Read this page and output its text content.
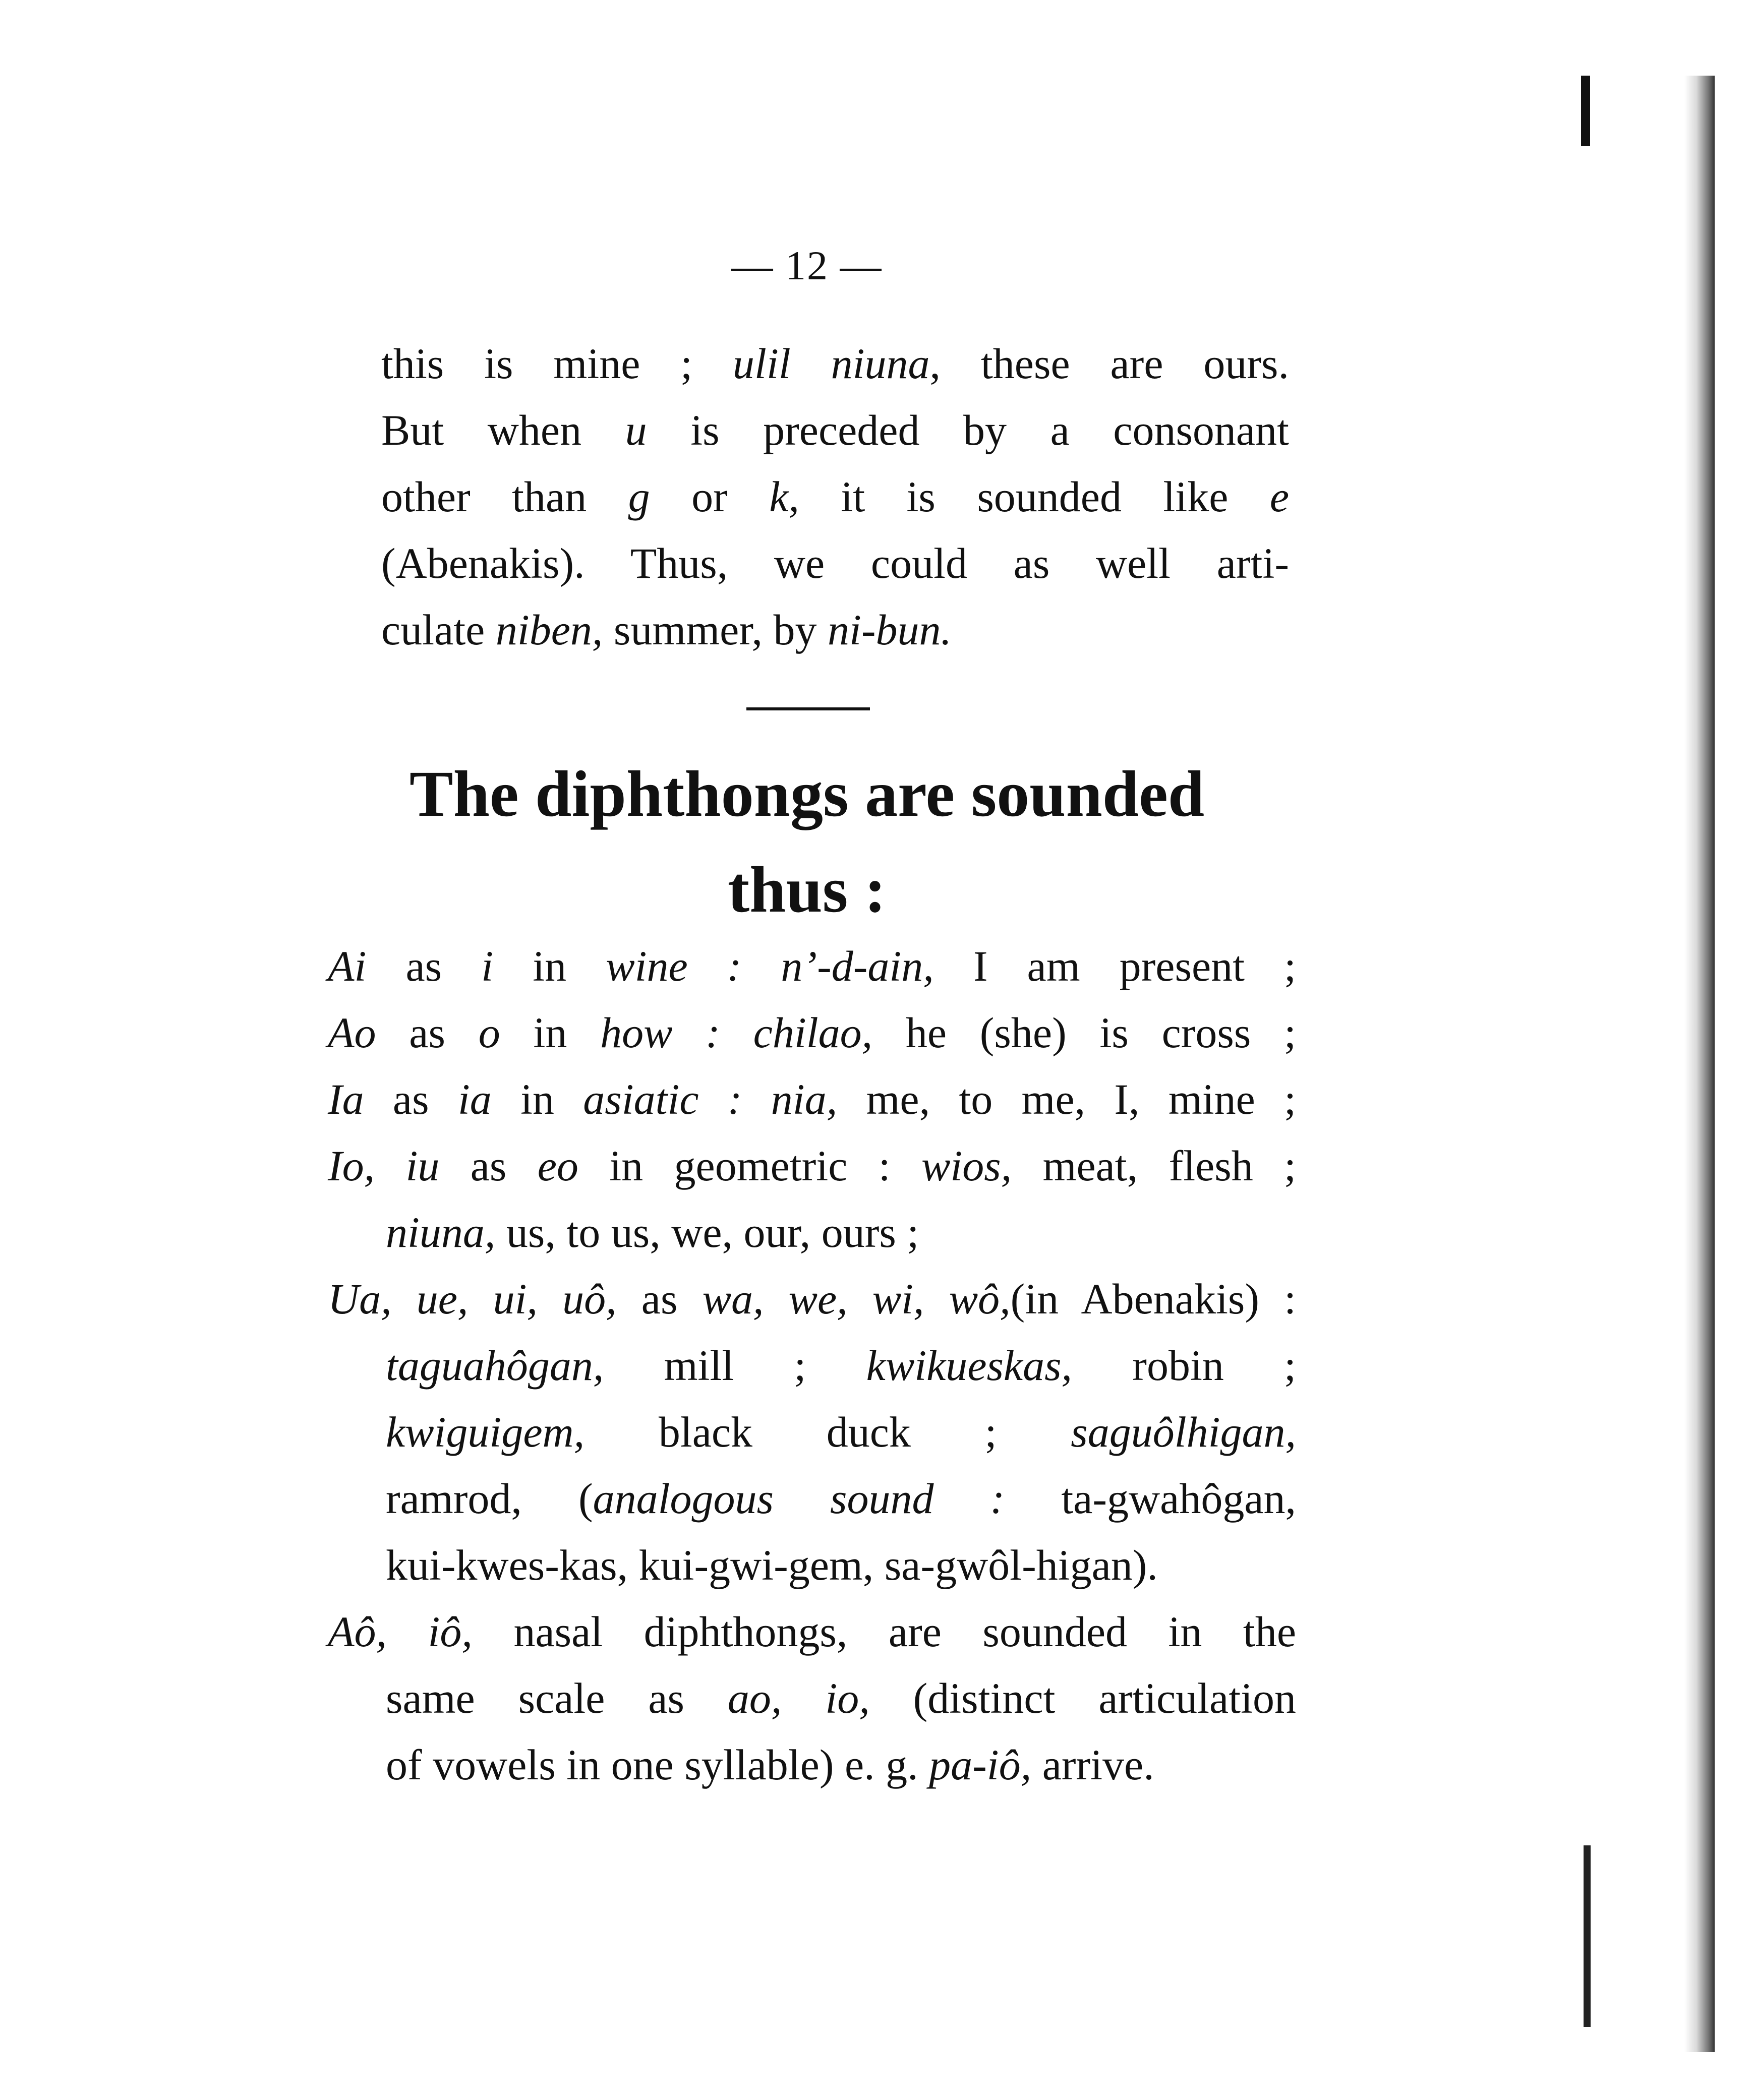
— 12 —
this is mine ; ulil niuna, these are ours.
But when u is preceded by a consonant
other than g or k, it is sounded like e
(Abenakis). Thus, we could as well arti-
culate niben, summer, by ni-bun.
The diphthongs are sounded
thus :
Ai as i in wine : n’-d-ain, I am present ;
Ao as o in how : chilao, he (she) is cross ;
Ia as ia in asiatic : nia, me, to me, I, mine ;
Io, iu as eo in geometric : wios, meat, flesh ;
niuna, us, to us, we, our, ours ;
Ua, ue, ui, uô, as wa, we, wi, wô,(in Abenakis) :
taguahôgan, mill ; kwikueskas, robin ;
kwiguigem, black duck ; saguôlhigan,
ramrod, (analogous sound : ta-gwahôgan,
kui-kwes-kas, kui-gwi-gem, sa-gwôl-higan).
Aô, iô, nasal diphthongs, are sounded in the
same scale as ao, io, (distinct articulation
of vowels in one syllable) e. g. pa-iô, arrive.
